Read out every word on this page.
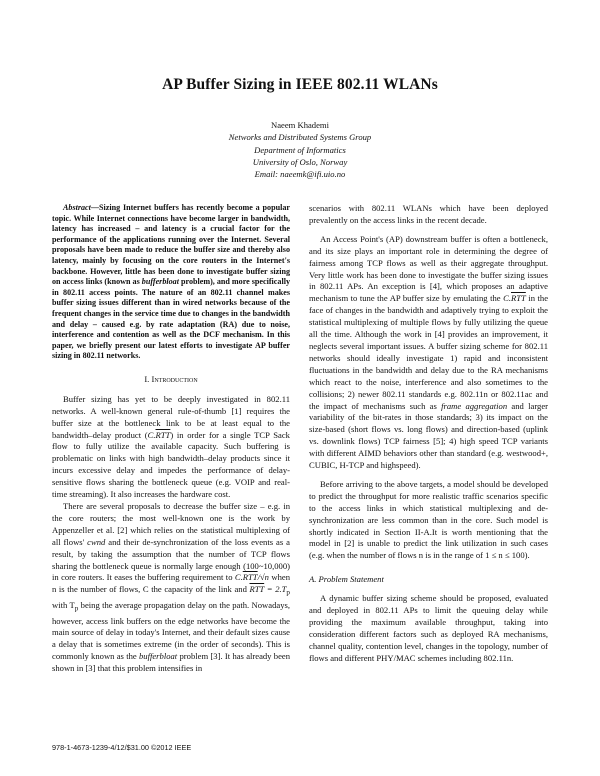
AP Buffer Sizing in IEEE 802.11 WLANs
Naeem Khademi
Networks and Distributed Systems Group
Department of Informatics
University of Oslo, Norway
Email: naeemk@ifi.uio.no

Abstract—Sizing Internet buffers has recently become a popular topic. While Internet connections have become larger in bandwidth, latency has increased – and latency is a crucial factor for the performance of the applications running over the Internet. Several proposals have been made to reduce the buffer size and thereby also latency, mainly by focusing on the core routers in the Internet's backbone. However, little has been done to investigate buffer sizing on access links (known as bufferbloat problem), and more specifically in 802.11 access points. The nature of an 802.11 channel makes buffer sizing issues different than in wired networks because of the frequent changes in the service time due to changes in the bandwidth and delay – caused e.g. by rate adaptation (RA) due to noise, interference and contention as well as the DCF mechanism. In this paper, we briefly present our latest efforts to investigate AP buffer sizing in 802.11 networks.

I. Introduction

Buffer sizing has yet to be deeply investigated in 802.11 networks. A well-known general rule-of-thumb [1] requires the buffer size at the bottleneck link to be at least equal to the bandwidth–delay product $(C.\overline{RTT})$ in order for a single TCP Sack flow to fully utilize the available capacity. Such buffering is problematic on links with high bandwidth–delay products since it incurs excessive delay and impedes the performance of delay-sensitive flows sharing the bottleneck queue (e.g. VOIP and real-time streaming). It also increases the hardware cost.

There are several proposals to decrease the buffer size – e.g. in the core routers; the most well-known one is the work by Appenzeller et al. [2] which relies on the statistical multiplexing of all flows' cwnd and their de-synchronization of the loss events as a result, by taking the assumption that the number of TCP flows sharing the bottleneck queue is normally large enough (100~10,000) in core routers. It eases the buffering requirement to $C.\overline{RTT}/√n$ when n is the number of flows, C the capacity of the link and $\overline{RTT} = 2.T_p$ with $T_p$ being the average propagation delay on the path. Nowadays, however, access link buffers on the edge networks have become the main source of delay in today's Internet, and their default sizes cause a delay that is sometimes extreme (in the order of seconds). This is commonly known as the bufferbloat problem [3]. It has already been shown in [3] that this problem intensifies in

scenarios with 802.11 WLANs which have been deployed prevalently on the access links in the recent decade.

An Access Point's (AP) downstream buffer is often a bottleneck, and its size plays an important role in determining the degree of fairness among TCP flows as well as their aggregate throughput. Very little work has been done to investigate the buffer sizing issues in 802.11 APs. An exception is [4], which proposes an adaptive mechanism to tune the AP buffer size by emulating the $C.\overline{RTT}$ in the face of changes in the bandwidth and adaptively trying to exploit the statistical multiplexing of multiple flows by fully utilizing the queue all the time. Although the work in [4] provides an improvement, it neglects several important issues. A buffer sizing scheme for 802.11 networks should ideally investigate 1) rapid and inconsistent fluctuations in the bandwidth and delay due to the RA mechanisms which react to the noise, interference and also sometimes to the collisions; 2) newer 802.11 standards e.g. 802.11n or 802.11ac and the impact of mechanisms such as frame aggregation and larger variability of the bit-rates in those standards; 3) its impact on the size-based (short flows vs. long flows) and direction-based (uplink vs. downlink flows) TCP fairness [5]; 4) high speed TCP variants with different AIMD behaviors other than standard (e.g. westwood+, CUBIC, H-TCP and highspeed).

Before arriving to the above targets, a model should be developed to predict the throughput for more realistic traffic scenarios specific to the access links in which statistical multiplexing and de-synchronization are less common than in the core. Such model is shortly indicated in Section II-A.It is worth mentioning that the model in [2] is unable to predict the link utilization in such cases (e.g. when the number of flows n is in the range of 1 ≤ n ≤ 100).

A. Problem Statement

A dynamic buffer sizing scheme should be proposed, evaluated and deployed in 802.11 APs to limit the queuing delay while providing the maximum available throughput, taking into consideration different factors such as deployed RA mechanisms, channel quality, contention level, changes in the topology, number of flows and different PHY/MAC schemes including 802.11n.

978-1-4673-1239-4/12/$31.00 ©2012 IEEE
